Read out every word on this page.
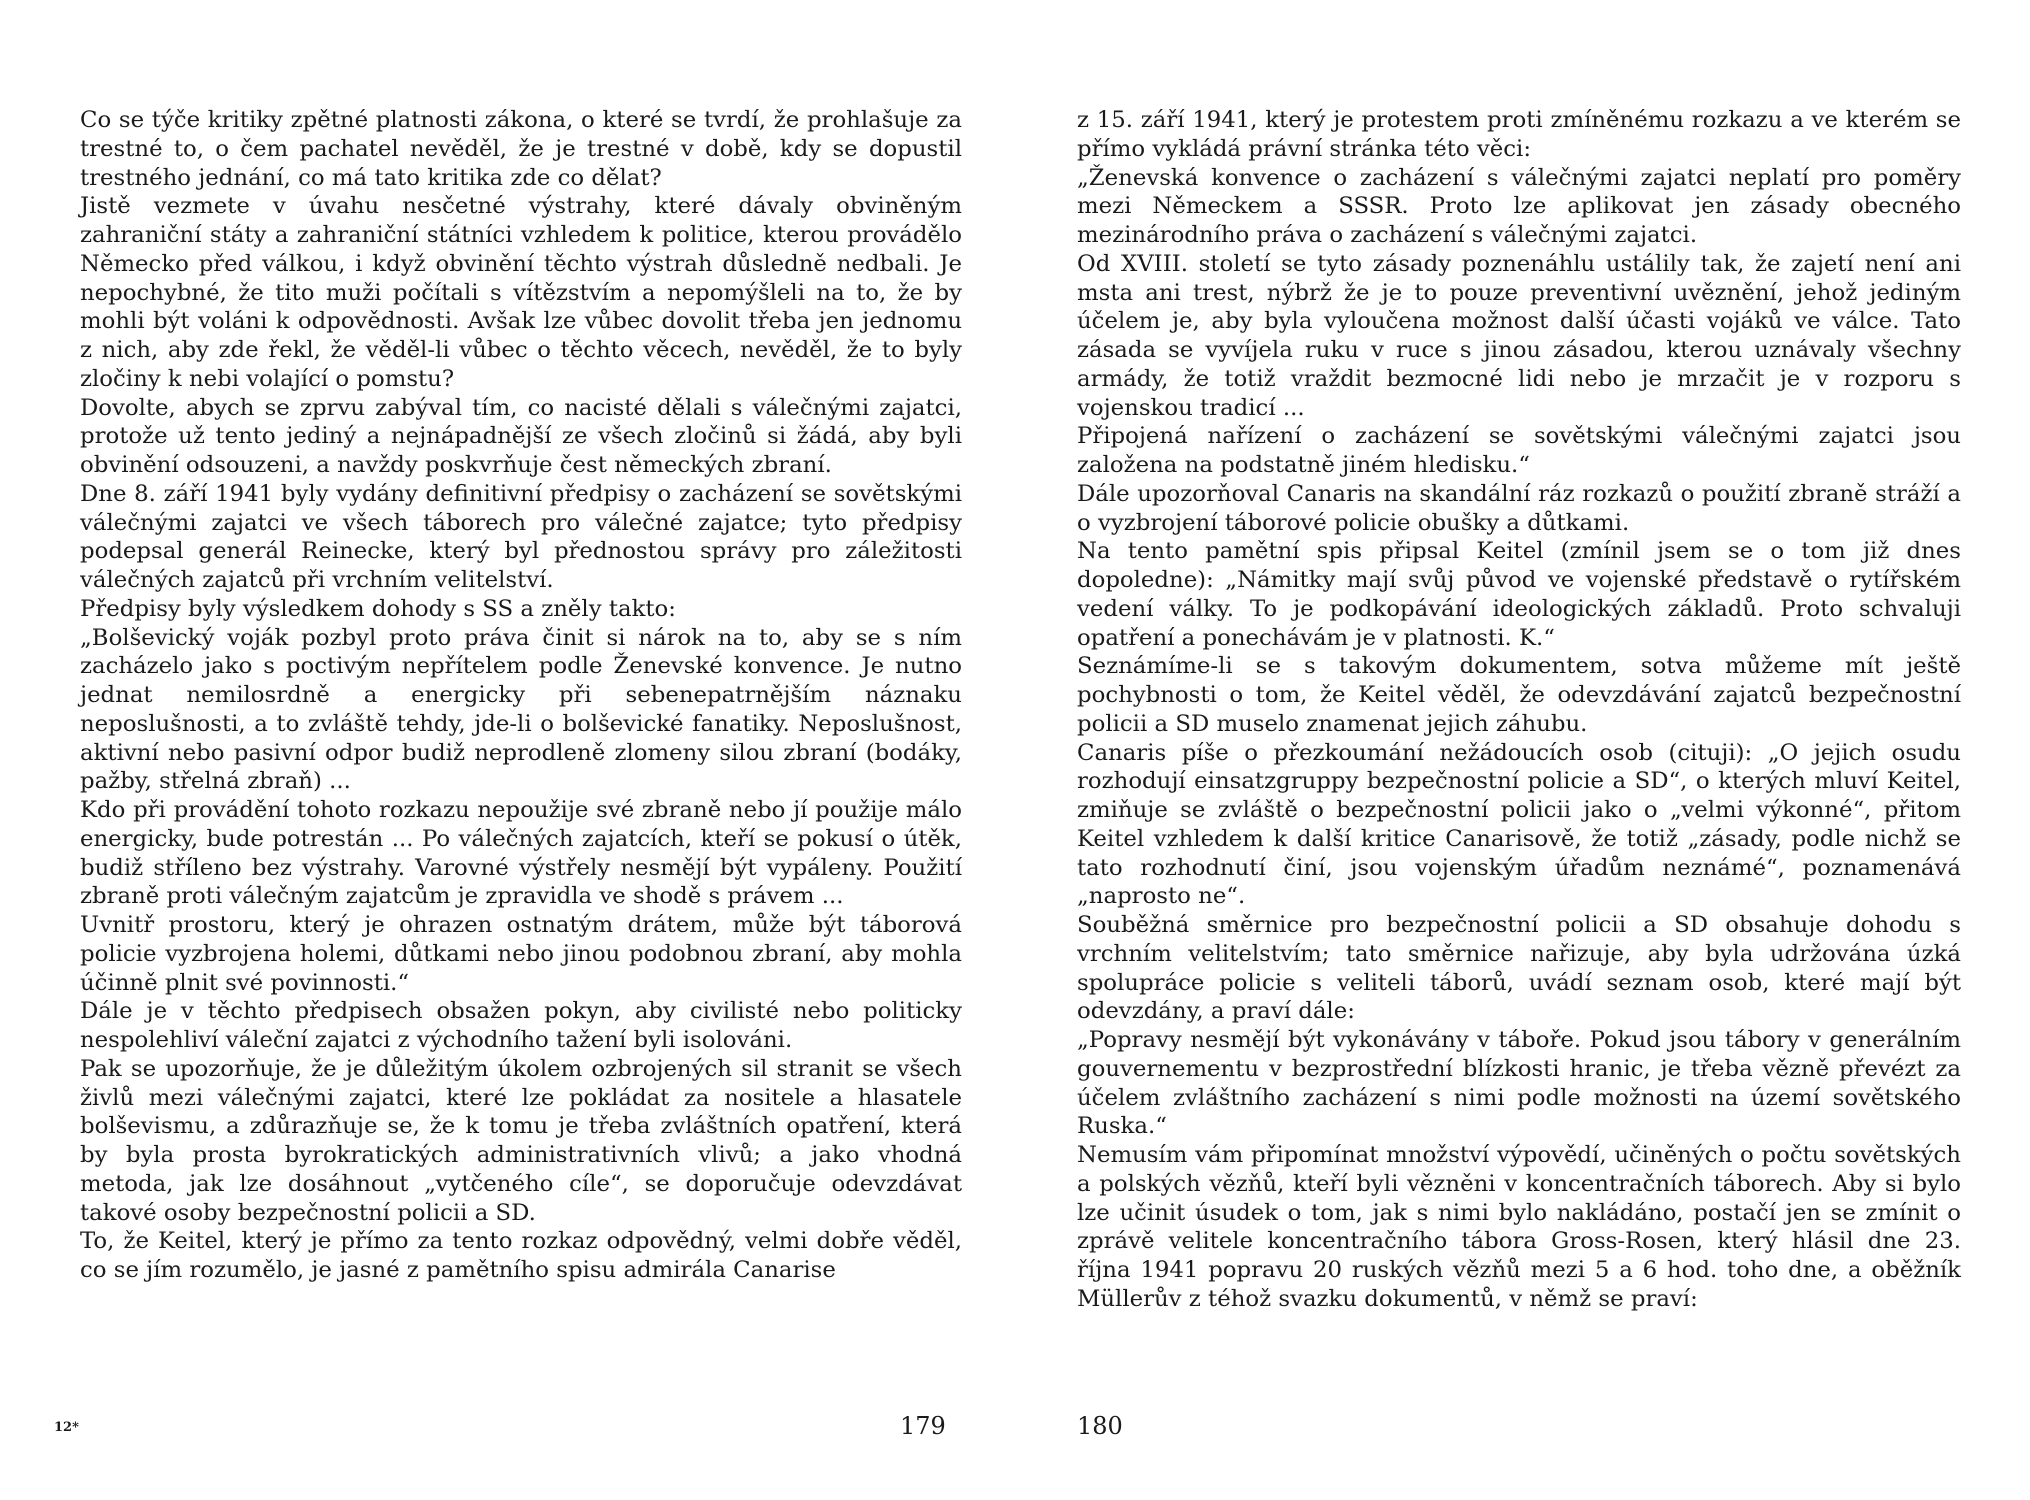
Co se týče kritiky zpětné platnosti zákona, o které se tvrdí, že prohlašuje za trestné to, o čem pachatel nevěděl, že je trestné v době, kdy se dopustil trestného jednání, co má tato kritika zde co dělat?

Jistě vezmete v úvahu nesčetné výstrahy, které dávaly obviněným zahraniční státy a zahraniční státníci vzhledem k politice, kterou provádělo Německo před válkou, i když obvinění těchto výstrah důsledně nedbali. Je nepochybné, že tito muži počítali s vítězstvím a nepomýšleli na to, že by mohli být voláni k odpovědnosti. Avšak lze vůbec dovolit třeba jen jednomu z nich, aby zde řekl, že věděl-li vůbec o těchto věcech, nevěděl, že to byly zločiny k nebi volající o pomstu?

Dovolte, abych se zprvu zabýval tím, co nacisté dělali s válečnými zajatci, protože už tento jediný a nejnápadnější ze všech zločinů si žádá, aby byli obvinění odsouzeni, a navždy poskvrňuje čest německých zbraní.

Dne 8. září 1941 byly vydány definitivní předpisy o zacházení se sovětskými válečnými zajatci ve všech táborech pro válečné zajatce; tyto předpisy podepsal generál Reinecke, který byl přednostou správy pro záležitosti válečných zajatců při vrchním velitelství.

Předpisy byly výsledkem dohody s SS a zněly takto:

„Bolševický voják pozbyl proto práva činit si nárok na to, aby se s ním zacházelo jako s poctivým nepřítelem podle Ženevské konvence. Je nutno jednat nemilosrdně a energicky při sebenepatrnějším náznaku neposlušnosti, a to zvláště tehdy, jde-li o bolševické fanatiky. Neposlušnost, aktivní nebo pasivní odpor budiž neprodleně zlomeny silou zbraní (bodáky, pažby, střelná zbraň) ...

Kdo při provádění tohoto rozkazu nepoužije své zbraně nebo jí použije málo energicky, bude potrestán ... Po válečných zajatcích, kteří se pokusí o útěk, budiž stříleno bez výstrahy. Varovné výstřely nesmějí být vypáleny. Použití zbraně proti válečným zajatcům je zpravidla ve shodě s právem ...

Uvnitř prostoru, který je ohrazen ostnatým drátem, může být táborová policie vyzbrojena holemi, důtkami nebo jinou podobnou zbraní, aby mohla účinně plnit své povinnosti.“

Dále je v těchto předpisech obsažen pokyn, aby civilisté nebo politicky nespolehliví váleční zajatci z východního tažení byli isolováni.

Pak se upozorňuje, že je důležitým úkolem ozbrojených sil stranit se všech živlů mezi válečnými zajatci, které lze pokládat za nositele a hlasatele bolševismu, a zdůrazňuje se, že k tomu je třeba zvláštních opatření, která by byla prosta byrokratických administrativních vlivů; a jako vhodná metoda, jak lze dosáhnout „vytčeného cíle“, se doporučuje odevzdávat takové osoby bezpečnostní policii a SD.

To, že Keitel, který je přímo za tento rozkaz odpovědný, velmi dobře věděl, co se jím rozumělo, je jasné z pamětního spisu admirála Canarise

12*	179

z 15. září 1941, který je protestem proti zmíněnému rozkazu a ve kterém se přímo vykládá právní stránka této věci:

„Ženevská konvence o zacházení s válečnými zajatci neplatí pro poměry mezi Německem a SSSR. Proto lze aplikovat jen zásady obecného mezinárodního práva o zacházení s válečnými zajatci.

Od XVIII. století se tyto zásady poznenáhlu ustálily tak, že zajetí není ani msta ani trest, nýbrž že je to pouze preventivní uvěznění, jehož jediným účelem je, aby byla vyloučena možnost další účasti vojáků ve válce. Tato zásada se vyvíjela ruku v ruce s jinou zásadou, kterou uznávaly všechny armády, že totiž vraždit bezmocné lidi nebo je mrzačit je v rozporu s vojenskou tradicí ...

Připojená nařízení o zacházení se sovětskými válečnými zajatci jsou založena na podstatně jiném hledisku.“

Dále upozorňoval Canaris na skandální ráz rozkazů o použití zbraně stráží a o vyzbrojení táborové policie obušky a důtkami.

Na tento pamětní spis připsal Keitel (zmínil jsem se o tom již dnes dopoledne): „Námitky mají svůj původ ve vojenské představě o rytířském vedení války. To je podkopávání ideologických základů. Proto schvaluji opatření a ponechávám je v platnosti. K.“

Seznámíme-li se s takovým dokumentem, sotva můžeme mít ještě pochybnosti o tom, že Keitel věděl, že odevzdávání zajatců bezpečnostní policii a SD muselo znamenat jejich záhubu.

Canaris píše o přezkoumání nežádoucích osob (cituji): „O jejich osudu rozhodují einsatzgruppy bezpečnostní policie a SD“, o kterých mluví Keitel, zmiňuje se zvláště o bezpečnostní policii jako o „velmi výkonné“, přitom Keitel vzhledem k další kritice Canarisově, že totiž „zásady, podle nichž se tato rozhodnutí činí, jsou vojenským úřadům neznámé“, poznamenává „naprosto ne“.

Souběžná směrnice pro bezpečnostní policii a SD obsahuje dohodu s vrchním velitelstvím; tato směrnice nařizuje, aby byla udržována úzká spolupráce policie s veliteli táborů, uvádí seznam osob, které mají být odevzdány, a praví dále:

„Popravy nesmějí být vykonávány v táboře. Pokud jsou tábory v generálním gouvernementu v bezprostřední blízkosti hranic, je třeba vězně převézt za účelem zvláštního zacházení s nimi podle možnosti na území sovětského Ruska.“

Nemusím vám připomínat množství výpovědí, učiněných o počtu sovětských a polských vězňů, kteří byli vězněni v koncentračních táborech. Aby si bylo lze učinit úsudek o tom, jak s nimi bylo nakládáno, postačí jen se zmínit o zprávě velitele koncentračního tábora Gross-Rosen, který hlásil dne 23. října 1941 popravu 20 ruských vězňů mezi 5 a 6 hod. toho dne, a oběžník Müllerův z téhož svazku dokumentů, v němž se praví:

180
